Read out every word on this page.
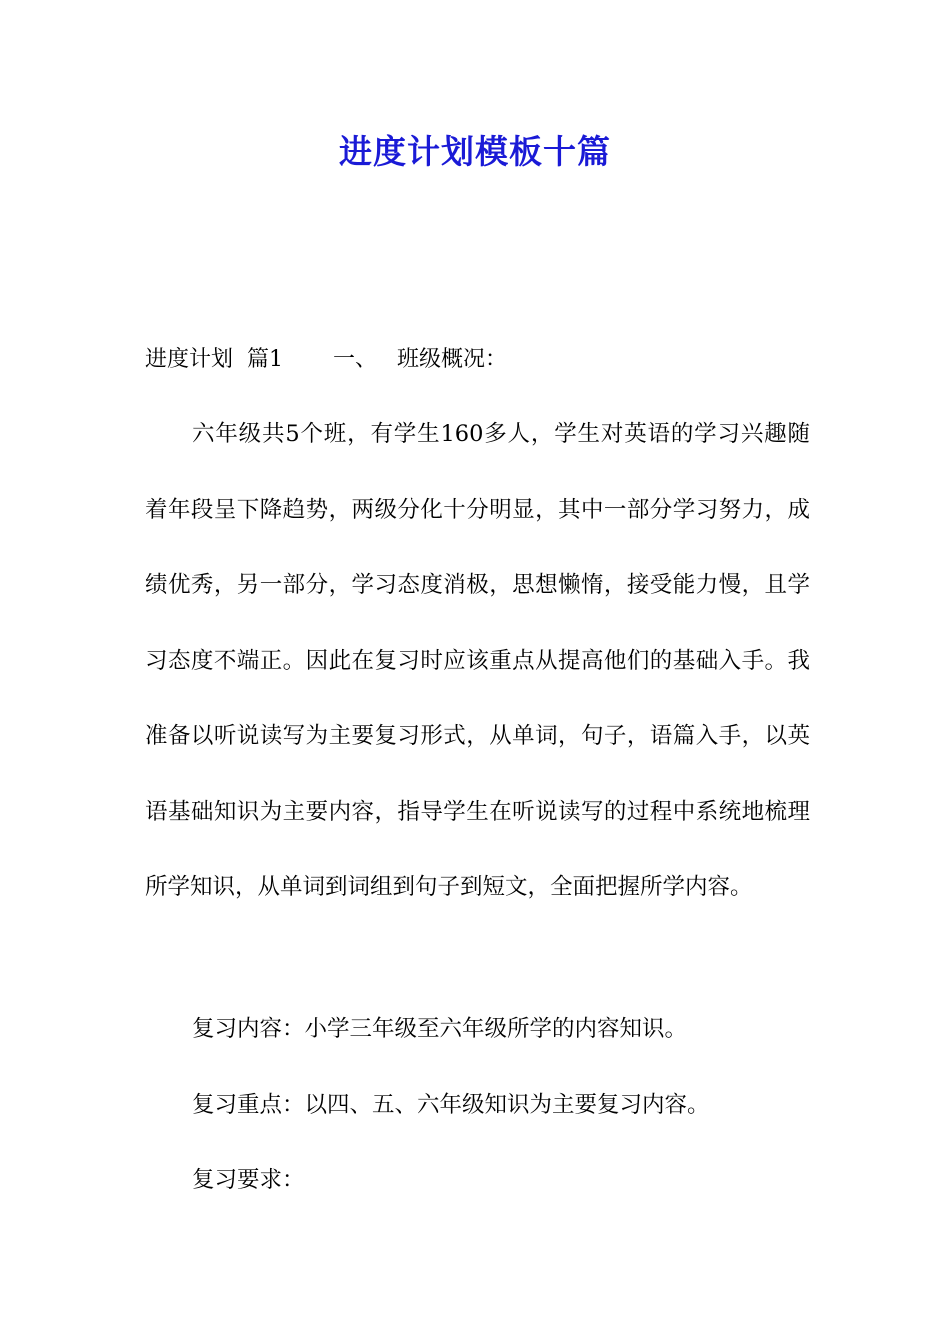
进度计划模板十篇
进度计划 篇1 一、 班级概况：

六年级共5个班，有学生160多人，学生对英语的学习兴趣随着年段呈下降趋势，两级分化十分明显，其中一部分学习努力，成绩优秀，另一部分，学习态度消极，思想懒惰，接受能力慢，且学习态度不端正。因此在复习时应该重点从提高他们的基础入手。我准备以听说读写为主要复习形式，从单词，句子，语篇入手，以英语基础知识为主要内容，指导学生在听说读写的过程中系统地梳理所学知识，从单词到词组到句子到短文，全面把握所学内容。

复习内容：小学三年级至六年级所学的内容知识。

复习重点：以四、五、六年级知识为主要复习内容。

复习要求：
